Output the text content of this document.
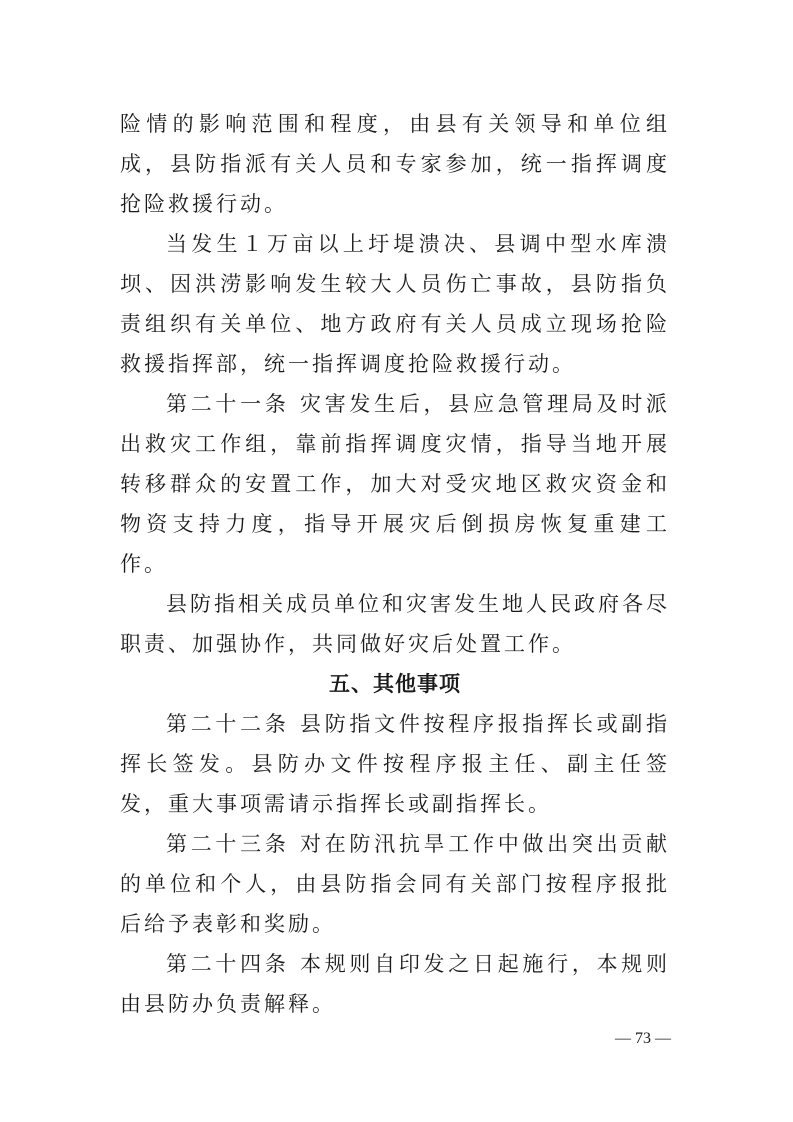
险情的影响范围和程度，由县有关领导和单位组成，县防指派有关人员和专家参加，统一指挥调度抢险救援行动。

当发生１万亩以上圩堤溃决、县调中型水库溃坝、因洪涝影响发生较大人员伤亡事故，县防指负责组织有关单位、地方政府有关人员成立现场抢险救援指挥部，统一指挥调度抢险救援行动。

第二十一条 灾害发生后，县应急管理局及时派出救灾工作组，靠前指挥调度灾情，指导当地开展转移群众的安置工作，加大对受灾地区救灾资金和物资支持力度，指导开展灾后倒损房恢复重建工作。

县防指相关成员单位和灾害发生地人民政府各尽职责、加强协作，共同做好灾后处置工作。

五、其他事项

第二十二条 县防指文件按程序报指挥长或副指挥长签发。县防办文件按程序报主任、副主任签发，重大事项需请示指挥长或副指挥长。

第二十三条 对在防汛抗旱工作中做出突出贡献的单位和个人，由县防指会同有关部门按程序报批后给予表彰和奖励。

第二十四条 本规则自印发之日起施行，本规则由县防办负责解释。

— 73 —
